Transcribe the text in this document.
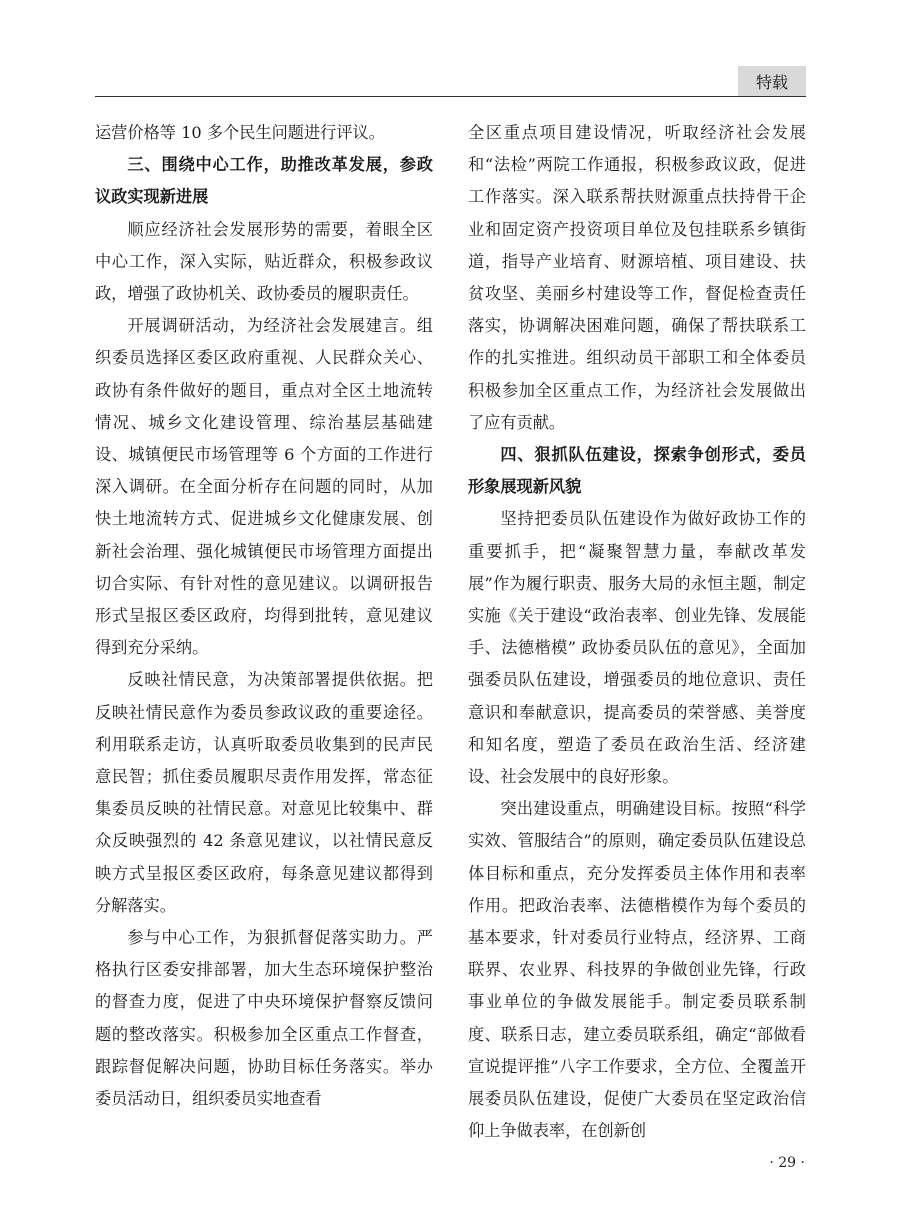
特载

运营价格等 10 多个民生问题进行评议。

三、围绕中心工作，助推改革发展，参政议政实现新进展

顺应经济社会发展形势的需要，着眼全区中心工作，深入实际，贴近群众，积极参政议政，增强了政协机关、政协委员的履职责任。

开展调研活动，为经济社会发展建言。组织委员选择区委区政府重视、人民群众关心、政协有条件做好的题目，重点对全区土地流转情况、城乡文化建设管理、综治基层基础建设、城镇便民市场管理等 6 个方面的工作进行深入调研。在全面分析存在问题的同时，从加快土地流转方式、促进城乡文化健康发展、创新社会治理、强化城镇便民市场管理方面提出切合实际、有针对性的意见建议。以调研报告形式呈报区委区政府，均得到批转，意见建议得到充分采纳。

反映社情民意，为决策部署提供依据。把反映社情民意作为委员参政议政的重要途径。利用联系走访，认真听取委员收集到的民声民意民智；抓住委员履职尽责作用发挥，常态征集委员反映的社情民意。对意见比较集中、群众反映强烈的 42 条意见建议，以社情民意反映方式呈报区委区政府，每条意见建议都得到分解落实。

参与中心工作，为狠抓督促落实助力。严格执行区委安排部署，加大生态环境保护整治的督查力度，促进了中央环境保护督察反馈问题的整改落实。积极参加全区重点工作督查，跟踪督促解决问题，协助目标任务落实。举办委员活动日，组织委员实地查看

全区重点项目建设情况，听取经济社会发展和“法检”两院工作通报，积极参政议政，促进工作落实。深入联系帮扶财源重点扶持骨干企业和固定资产投资项目单位及包挂联系乡镇街道，指导产业培育、财源培植、项目建设、扶贫攻坚、美丽乡村建设等工作，督促检查责任落实，协调解决困难问题，确保了帮扶联系工作的扎实推进。组织动员干部职工和全体委员积极参加全区重点工作，为经济社会发展做出了应有贡献。

四、狠抓队伍建设，探索争创形式，委员形象展现新风貌

坚持把委员队伍建设作为做好政协工作的重要抓手，把“凝聚智慧力量，奉献改革发展”作为履行职责、服务大局的永恒主题，制定实施《关于建设“政治表率、创业先锋、发展能手、法德楷模” 政协委员队伍的意见》，全面加强委员队伍建设，增强委员的地位意识、责任意识和奉献意识，提高委员的荣誉感、美誉度和知名度，塑造了委员在政治生活、经济建设、社会发展中的良好形象。

突出建设重点，明确建设目标。按照“科学实效、管服结合”的原则，确定委员队伍建设总体目标和重点，充分发挥委员主体作用和表率作用。把政治表率、法德楷模作为每个委员的基本要求，针对委员行业特点，经济界、工商联界、农业界、科技界的争做创业先锋，行政事业单位的争做发展能手。制定委员联系制度、联系日志，建立委员联系组，确定“部做看宣说提评推”八字工作要求，全方位、全覆盖开展委员队伍建设，促使广大委员在坚定政治信仰上争做表率，在创新创

· 29 ·
